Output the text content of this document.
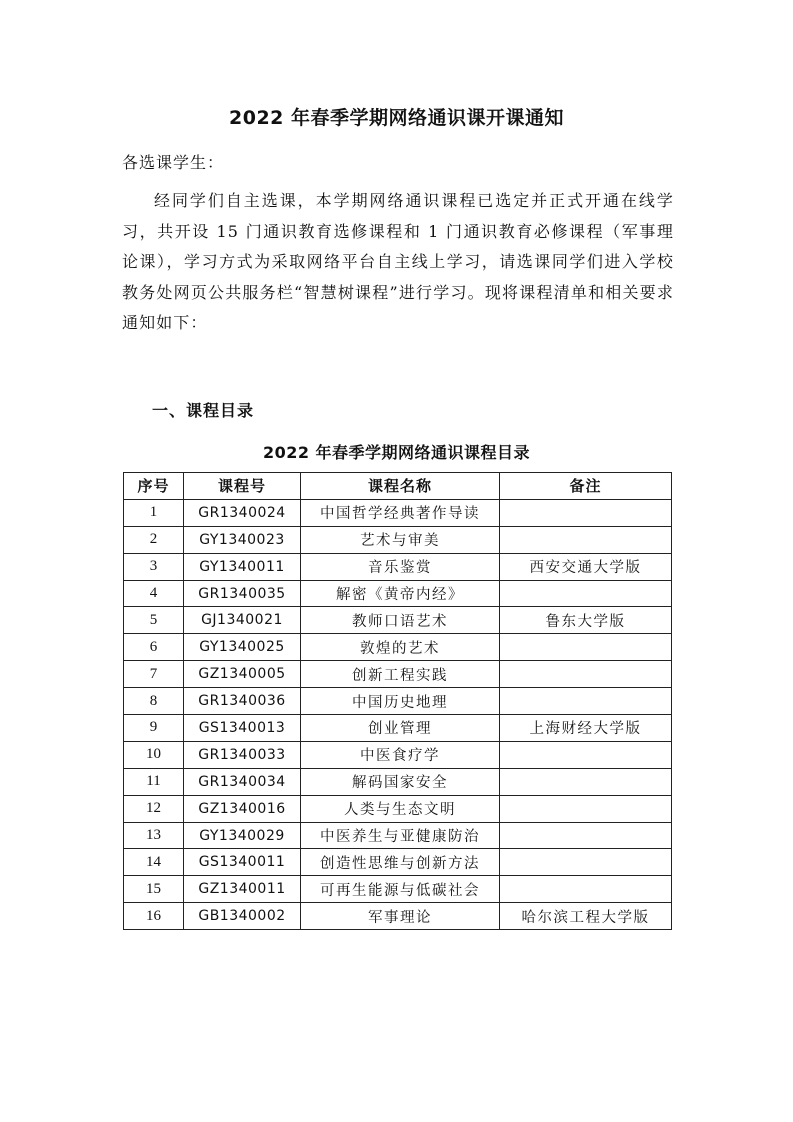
2022 年春季学期网络通识课开课通知
各选课学生：

经同学们自主选课，本学期网络通识课程已选定并正式开通在线学习，共开设 15 门通识教育选修课程和 1 门通识教育必修课程（军事理论课），学习方式为采取网络平台自主线上学习，请选课同学们进入学校教务处网页公共服务栏“智慧树课程”进行学习。现将课程清单和相关要求通知如下：

一、课程目录
2022 年春季学期网络通识课程目录
序号	课程号	课程名称	备注
1	GR1340024	中国哲学经典著作导读	
2	GY1340023	艺术与审美	
3	GY1340011	音乐鉴赏	西安交通大学版
4	GR1340035	解密《黄帝内经》	
5	GJ1340021	教师口语艺术	鲁东大学版
6	GY1340025	敦煌的艺术	
7	GZ1340005	创新工程实践	
8	GR1340036	中国历史地理	
9	GS1340013	创业管理	上海财经大学版
10	GR1340033	中医食疗学	
11	GR1340034	解码国家安全	
12	GZ1340016	人类与生态文明	
13	GY1340029	中医养生与亚健康防治	
14	GS1340011	创造性思维与创新方法	
15	GZ1340011	可再生能源与低碳社会	
16	GB1340002	军事理论	哈尔滨工程大学版
